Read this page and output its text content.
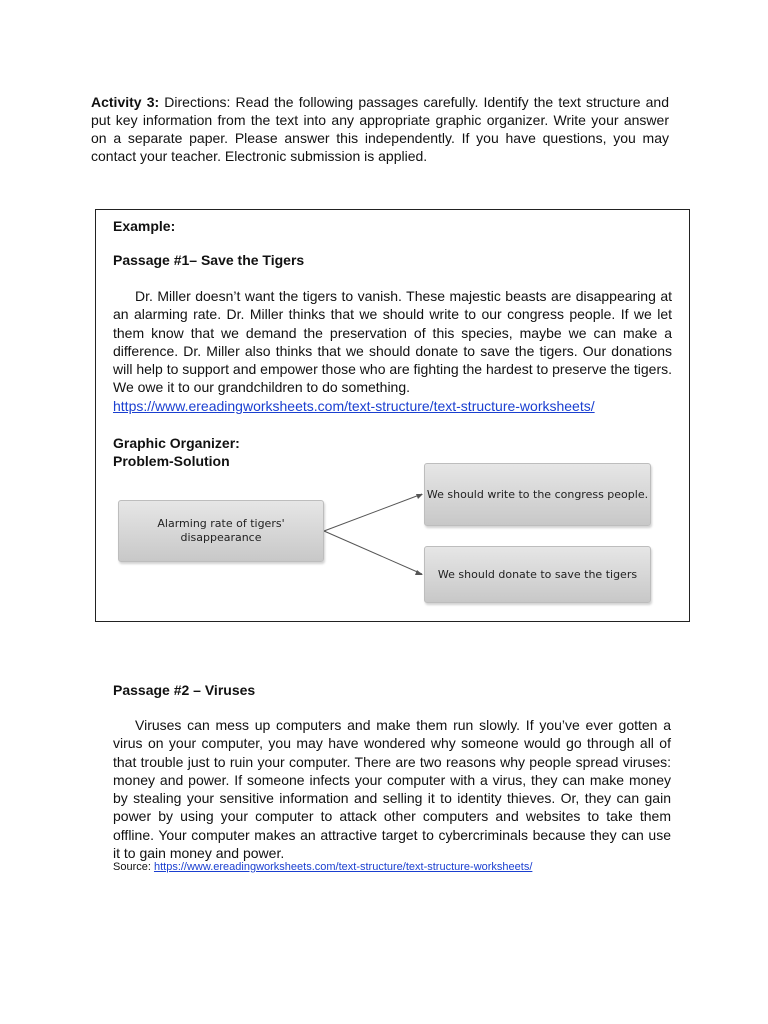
Activity 3: Directions: Read the following passages carefully. Identify the text structure and put key information from the text into any appropriate graphic organizer. Write your answer on a separate paper. Please answer this independently. If you have questions, you may contact your teacher. Electronic submission is applied.

Example:
Passage #1– Save the Tigers
Dr. Miller doesn’t want the tigers to vanish. These majestic beasts are disappearing at an alarming rate. Dr. Miller thinks that we should write to our congress people. If we let them know that we demand the preservation of this species, maybe we can make a difference. Dr. Miller also thinks that we should donate to save the tigers. Our donations will help to support and empower those who are fighting the hardest to preserve the tigers. We owe it to our grandchildren to do something.
https://www.ereadingworksheets.com/text-structure/text-structure-worksheets/
Graphic Organizer:
Problem-Solution
Alarming rate of tigers' disappearance
We should write to the congress people.
We should donate to save the tigers
Passage #2 – Viruses
Viruses can mess up computers and make them run slowly. If you’ve ever gotten a virus on your computer, you may have wondered why someone would go through all of that trouble just to ruin your computer. There are two reasons why people spread viruses: money and power. If someone infects your computer with a virus, they can make money by stealing your sensitive information and selling it to identity thieves. Or, they can gain power by using your computer to attack other computers and websites to take them offline. Your computer makes an attractive target to cybercriminals because they can use it to gain money and power.
Source: https://www.ereadingworksheets.com/text-structure/text-structure-worksheets/
